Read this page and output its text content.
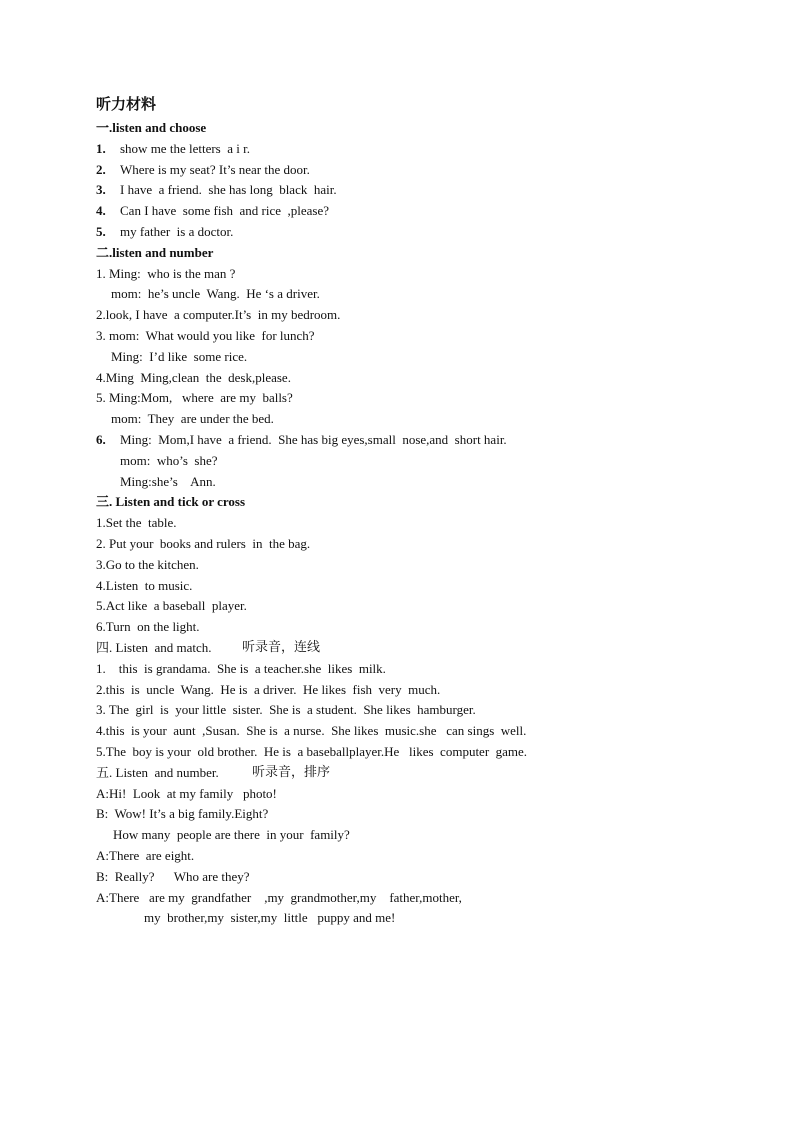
听力材料
一.listen and choose
1. show me the letters  a i r.
2. Where is my seat? It’s near the door.
3. I have  a friend.  she has long  black  hair.
4. Can I have  some fish  and rice  ,please?
5. my father  is a doctor.
二.listen and number
1. Ming:  who is the man ?
mom:  he’s uncle  Wang.  He ‘s a driver.
2.look, I have  a computer.It’s  in my bedroom.
3. mom:  What would you like  for lunch?
Ming:  I’d like  some rice.
4.Ming  Ming,clean  the  desk,please.
5. Ming:Mom,   where  are my  balls?
mom:  They  are under the bed.
6. Ming:  Mom,I have  a friend.  She has big eyes,small  nose,and  short hair.
mom:  who’s  she?
Ming:she’s    Ann.
三. Listen and tick or cross
1.Set the  table.
2. Put your  books and rulers  in  the bag.
3.Go to the kitchen.
4.Listen  to music.
5.Act like  a baseball  player.
6.Turn  on the light.
四. Listen  and match. 听录音，连线
1.    this  is grandama.  She is  a teacher.she  likes  milk.
2.this  is  uncle  Wang.  He is  a driver.  He likes  fish  very  much.
3. The  girl  is  your little  sister.  She is  a student.  She likes  hamburger.
4.this  is your  aunt  ,Susan.  She is  a nurse.  She likes  music.she   can sings  well.
5.The  boy is your  old brother.  He is  a baseballplayer.He   likes  computer  game.
五. Listen  and number.	听录音，排序
A:Hi!  Look  at my family   photo!
B:  Wow! It’s a big family.Eight?
How many  people are there  in your  family?
A:There  are eight.
B:  Really?      Who are they?
A:There   are my  grandfather    ,my  grandmother,my    father,mother,
my  brother,my  sister,my  little   puppy and me!
